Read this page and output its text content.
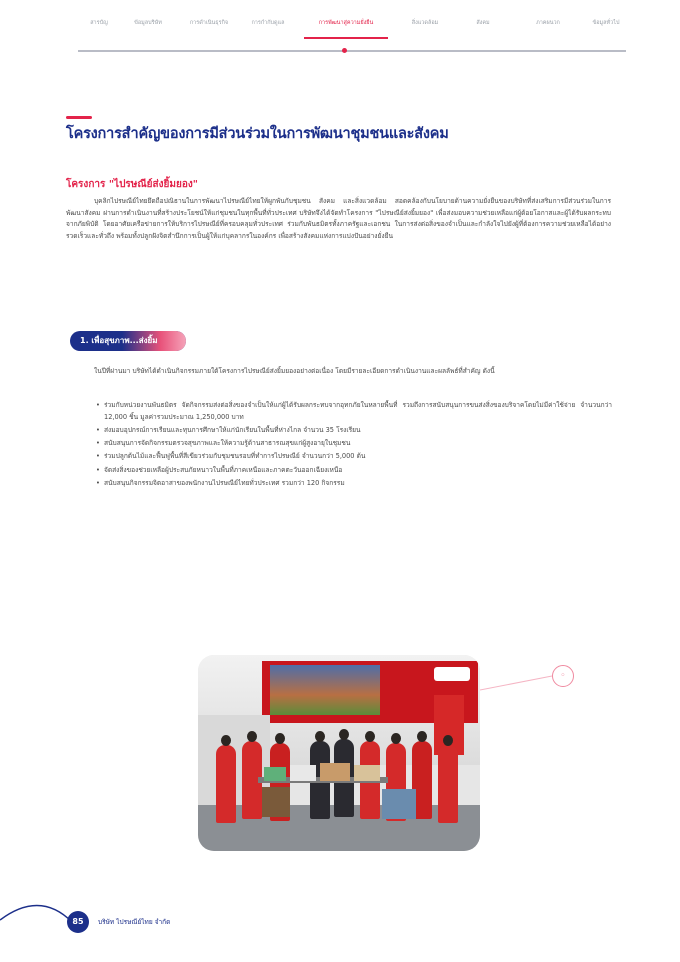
สารบัญ	ข้อมูลบริษัท	การดำเนินธุรกิจ	การกำกับดูแล	การพัฒนาสู่ความยั่งยืน	สิ่งแวดล้อม	สังคม	ภาคผนวก	ข้อมูลทั่วไป
โครงการสำคัญของการมีส่วนร่วมในการพัฒนาชุมชนและสังคม
โครงการ "ไปรษณีย์ส่งยิ้มยอง"

บุคลิกไปรษณีย์ไทยยึดถือปณิธานในการพัฒนาไปรษณีย์ไทยให้ผูกพันกับชุมชน สังคม และสิ่งแวดล้อม สอดคล้องกับนโยบายด้านความยั่งยืนของบริษัทที่ส่งเสริมการมีส่วนร่วมในการพัฒนาสังคม ผ่านการดำเนินงานที่สร้างประโยชน์ให้แก่ชุมชนในทุกพื้นที่ทั่วประเทศ บริษัทจึงได้จัดทำโครงการ "ไปรษณีย์ส่งยิ้มยอง" เพื่อส่งมอบความช่วยเหลือแก่ผู้ด้อยโอกาสและผู้ได้รับผลกระทบจากภัยพิบัติ โดยอาศัยเครือข่ายการให้บริการไปรษณีย์ที่ครอบคลุมทั่วประเทศ ร่วมกับพันธมิตรทั้งภาครัฐและเอกชน ในการส่งต่อสิ่งของจำเป็นและกำลังใจไปยังผู้ที่ต้องการความช่วยเหลือได้อย่างรวดเร็วและทั่วถึง พร้อมทั้งปลูกฝังจิตสำนึกการเป็นผู้ให้แก่บุคลากรในองค์กร เพื่อสร้างสังคมแห่งการแบ่งปันอย่างยั่งยืน

1. เพื่อสุขภาพ...ส่งยิ้ม

ในปีที่ผ่านมา บริษัทได้ดำเนินกิจกรรมภายใต้โครงการไปรษณีย์ส่งยิ้มยองอย่างต่อเนื่อง โดยมีรายละเอียดการดำเนินงานและผลลัพธ์ที่สำคัญ ดังนี้

• ร่วมกับหน่วยงานพันธมิตร จัดกิจกรรมส่งต่อสิ่งของจำเป็นให้แก่ผู้ได้รับผลกระทบจากอุทกภัยในหลายพื้นที่ รวมถึงการสนับสนุนการขนส่งสิ่งของบริจาคโดยไม่มีค่าใช้จ่าย จำนวนกว่า 12,000 ชิ้น มูลค่ารวมประมาณ 1,250,000 บาท
• ส่งมอบอุปกรณ์การเรียนและทุนการศึกษาให้แก่นักเรียนในพื้นที่ห่างไกล จำนวน 35 โรงเรียน
• สนับสนุนการจัดกิจกรรมตรวจสุขภาพและให้ความรู้ด้านสาธารณสุขแก่ผู้สูงอายุในชุมชน
• ร่วมปลูกต้นไม้และฟื้นฟูพื้นที่สีเขียวร่วมกับชุมชนรอบที่ทำการไปรษณีย์ จำนวนกว่า 5,000 ต้น
• จัดส่งสิ่งของช่วยเหลือผู้ประสบภัยหนาวในพื้นที่ภาคเหนือและภาคตะวันออกเฉียงเหนือ
• สนับสนุนกิจกรรมจิตอาสาของพนักงานไปรษณีย์ไทยทั่วประเทศ รวมกว่า 120 กิจกรรม
◦
85	บริษัท ไปรษณีย์ไทย จำกัด
